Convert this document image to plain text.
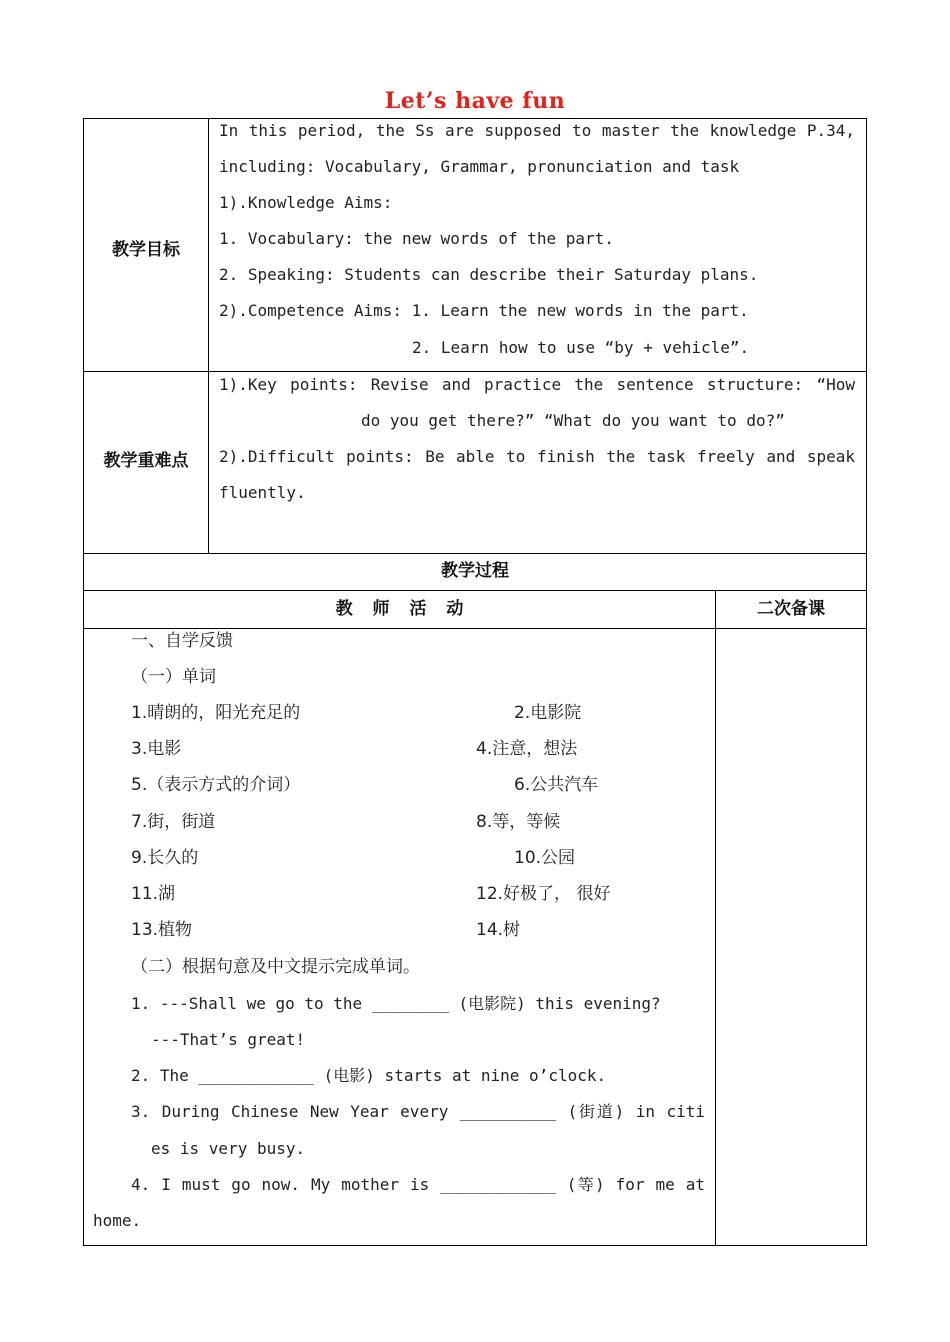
Let’s have fun
教学目标
In this period, the Ss are supposed to master the knowledge P.34,
including: Vocabulary, Grammar, pronunciation and task
1).Knowledge Aims:
1. Vocabulary: the new words of the part.
2. Speaking: Students can describe their Saturday plans.
2).Competence Aims: 1. Learn the new words in the part.
2. Learn how to use “by + vehicle”.
教学重难点
1).Key points: Revise and practice the sentence structure: “How
do you get there?” “What do you want to do?”
2).Difficult points: Be able to finish the task freely and speak
fluently.
教学过程
教 师 活 动	二次备课
一、自学反馈
（一）单词
1.晴朗的，阳光充足的	2.电影院
3.电影	4.注意，想法
5.（表示方式的介词）	6.公共汽车
7.街，街道	8.等，等候
9.长久的	10.公园
11.湖	12.好极了， 很好
13.植物	14.树
（二）根据句意及中文提示完成单词。
1. ---Shall we go to the ________ (电影院) this evening?
---That’s great!
2. The ____________ (电影) starts at nine o’clock.
3. During Chinese New Year every __________ (街道) in citi
es is very busy.
4. I must go now. My mother is ____________ (等) for me at
home.
